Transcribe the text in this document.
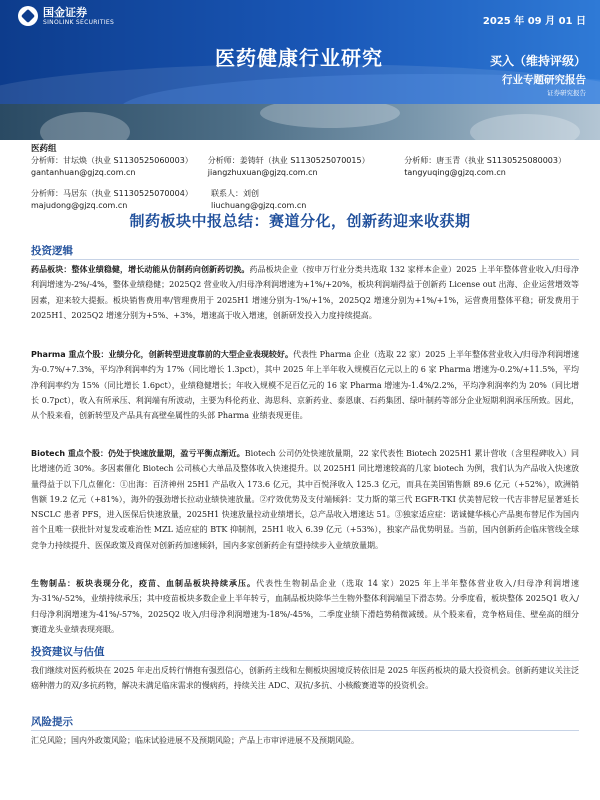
国金证券
SINOLINK SECURITIES	2025 年 09 月 01 日
医药健康行业研究	买入（维持评级）
行业专题研究报告
证券研究报告
医药组
分析师：甘坛焕（执业 S1130525060003）
gantanhuan@gjzq.com.cn
分析师：姜铸轩（执业 S1130525070015）
jiangzhuxuan@gjzq.com.cn
分析师：唐玉青（执业 S1130525080003）
tangyuqing@gjzq.com.cn
分析师：马居东（执业 S1130525070004）
majudong@gjzq.com.cn
联系人：刘创
liuchuang@gjzq.com.cn
制药板块中报总结：赛道分化，创新药迎来收获期
投资逻辑
药品板块：整体业绩稳健，增长动能从仿制药向创新药切换。药品板块企业（按申万行业分类共选取 132 家样本企业）2025 上半年整体营业收入/归母净利润增速为-2%/-4%，整体业绩稳健；2025Q2 营业收入/归母净利润增速为+1%/+20%，板块利润端得益于创新药 License out 出海、企业运营增效等因素，迎来较大提振。板块销售费用率/管理费用于 2025H1 增速分别为-1%/+1%，2025Q2 增速分别为+1%/+1%，运营费用整体平稳；研发费用于 2025H1、2025Q2 增速分别为+5%、+3%，增速高于收入增速，创新研发投入力度持续提高。
Pharma 重点个股：业绩分化，创新转型进度靠前的大型企业表现较好。代表性 Pharma 企业（选取 22 家）2025 上半年整体营业收入/归母净利润增速为-0.7%/+7.3%，平均净利润率约为 17%（同比增长 1.3pct），其中 2025 年上半年收入规模百亿元以上的 6 家 Pharma 增速为-0.2%/+11.5%，平均净利润率约为 15%（同比增长 1.6pct），业绩稳健增长；年收入规模不足百亿元的 16 家 Pharma 增速为-1.4%/2.2%，平均净利润率约为 20%（同比增长 0.7pct），收入有所承压、利润端有所波动，主要为科伦药业、海思科、京新药业、泰恩康、石药集团、绿叶制药等部分企业短期利润承压所致。因此，从个股来看，创新转型及产品具有高壁垒属性的头部 Pharma 业绩表现更佳。
Biotech 重点个股：仍处于快速放量期，盈亏平衡点渐近。Biotech 公司仍处快速放量期，22 家代表性 Biotech 2025H1 累计营收（含里程碑收入）同比增速仍近 30%。多因素催化 Biotech 公司核心大单品及整体收入快速提升。以 2025H1 同比增速较高的几家 biotech 为例，我们认为产品收入快速放量得益于以下几点催化：①出海：百济神州 25H1 产品收入 173.6 亿元，其中百悦泽收入 125.3 亿元，而具在美国销售额 89.6 亿元（+52%），欧洲销售额 19.2 亿元（+81%），海外的强劲增长拉动业绩快速放量。②疗效优势及支付端倾斜：艾力斯的第三代 EGFR-TKI 伏美替尼较一代吉非替尼显著延长 NSCLC 患者 PFS，进入医保后快速放量，2025H1 快速放量拉动业绩增长，总产品收入增速达 51。③独家适应症：诺诚健华核心产品奥布替尼作为国内首个且唯一获批针对复发或难治性 MZL 适应症的 BTK 抑制剂，25H1 收入 6.39 亿元（+53%），独家产品优势明显。当前，国内创新药企临床管线全球竞争力持续提升、医保政策及商保对创新药加速倾斜，国内多家创新药企有望持续步入业绩放量期。
生物制品：板块表现分化，疫苗、血制品板块持续承压。代表性生物制品企业（选取 14 家）2025 年上半年整体营业收入/归母净利润增速为-31%/-52%，业绩持续承压；其中疫苗板块多数企业上半年转亏，血制品板块除华兰生物外整体利润端呈下滑态势。分季度看，板块整体 2025Q1 收入/归母净利润增速为-41%/-57%，2025Q2 收入/归母净利润增速为-18%/-45%，二季度业绩下滑趋势稍微减缓。从个股来看，竞争格局佳、壁垒高的细分赛道龙头业绩表现亮眼。
投资建议与估值
我们继续对医药板块在 2025 年走出反转行情抱有强烈信心，创新药主线和左侧板块困境反转依旧是 2025 年医药板块的最大投资机会。创新药建议关注泛癌种潜力的双/多抗药物，解决未满足临床需求的慢病药，持续关注 ADC、双抗/多抗、小核酸赛道等的投资机会。
风险提示
汇兑风险；国内外政策风险；临床试验进展不及预期风险；产品上市审评进展不及预期风险。
